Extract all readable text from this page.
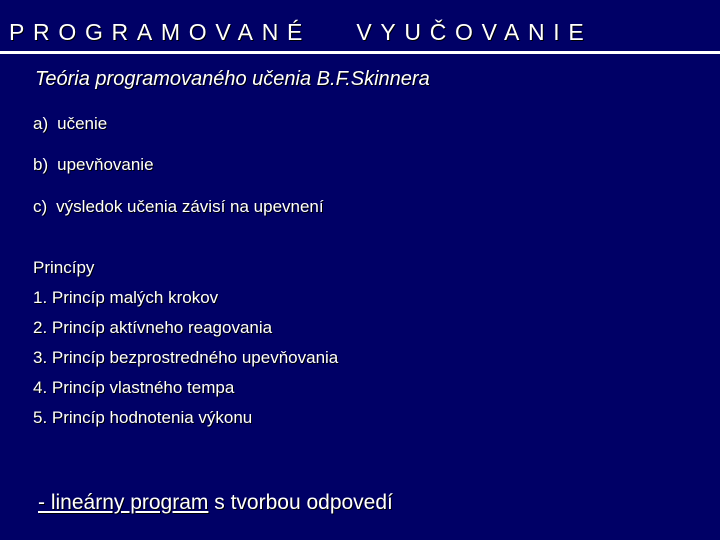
PROGRAMOVANÉ   VYUČOVANIE
Teória programovaného učenia B.F.Skinnera
a) učenie
b) upevňovanie
c) výsledok učenia závisí na upevnení
Princípy
1. Princíp malých krokov
2. Princíp aktívneho reagovania
3. Princíp bezprostredného upevňovania
4. Princíp vlastného tempa
5. Princíp hodnotenia výkonu
- lineárny program s tvorbou odpovedí
